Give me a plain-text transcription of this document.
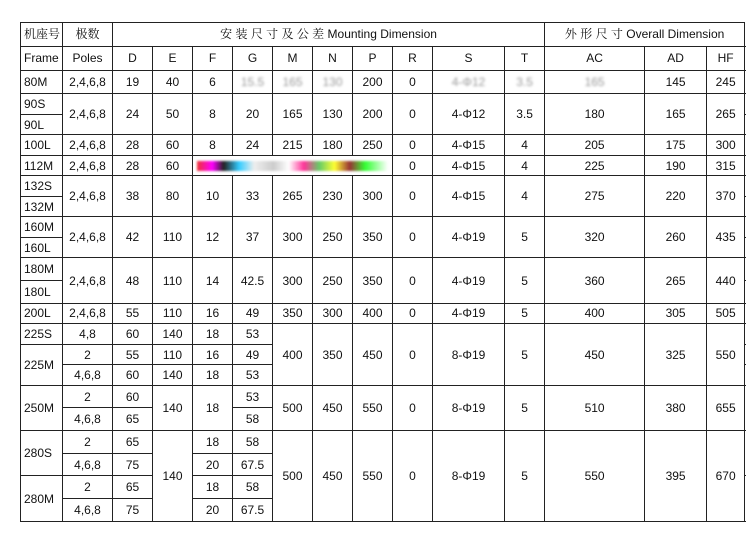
机座号	极数	安 装 尺 寸 及 公 差 Mounting Dimension										外 形 尺 寸 Overall Dimension			
Frame	Poles	D	E	F	G	M	N	P	R	S	T	AC	AD	HF	
80M	2,4,6,8	19	40	6	15.5	165	130	200	0	4-Φ12	3.5	165	145	245	
90S	2,4,6,8	24	50	8	20	165	130	200	0	4-Φ12	3.5	180	165	265	
90L	
100L	2,4,6,8	28	60	8	24	215	180	250	0	4-Φ15	4	205	175	300	
112M	2,4,6,8	28	60						0	4-Φ15	4	225	190	315	
132S	2,4,6,8	38	80	10	33	265	230	300	0	4-Φ15	4	275	220	370	
132M	
160M	2,4,6,8	42	110	12	37	300	250	350	0	4-Φ19	5	320	260	435	
160L	
180M	2,4,6,8	48	110	14	42.5	300	250	350	0	4-Φ19	5	360	265	440	
180L	
200L	2,4,6,8	55	110	16	49	350	300	400	0	4-Φ19	5	400	305	505	
225S	4,8	60	140	18	53	400	350	450	0	8-Φ19	5	450	325	550	
225M	2	55	110	16	49	
	4,6,8	60	140	18	53	
250M	2	60	140	18	53	500	450	550	0	8-Φ19	5	510	380	655	
	4,6,8	65			58										
280S	2	65	140	18	58	500	450	550	0	8-Φ19	5	550	395	670	
	4,6,8	75		20	67.5										
280M	2	65		18	58	
	4,6,8	75		20	67.5										
